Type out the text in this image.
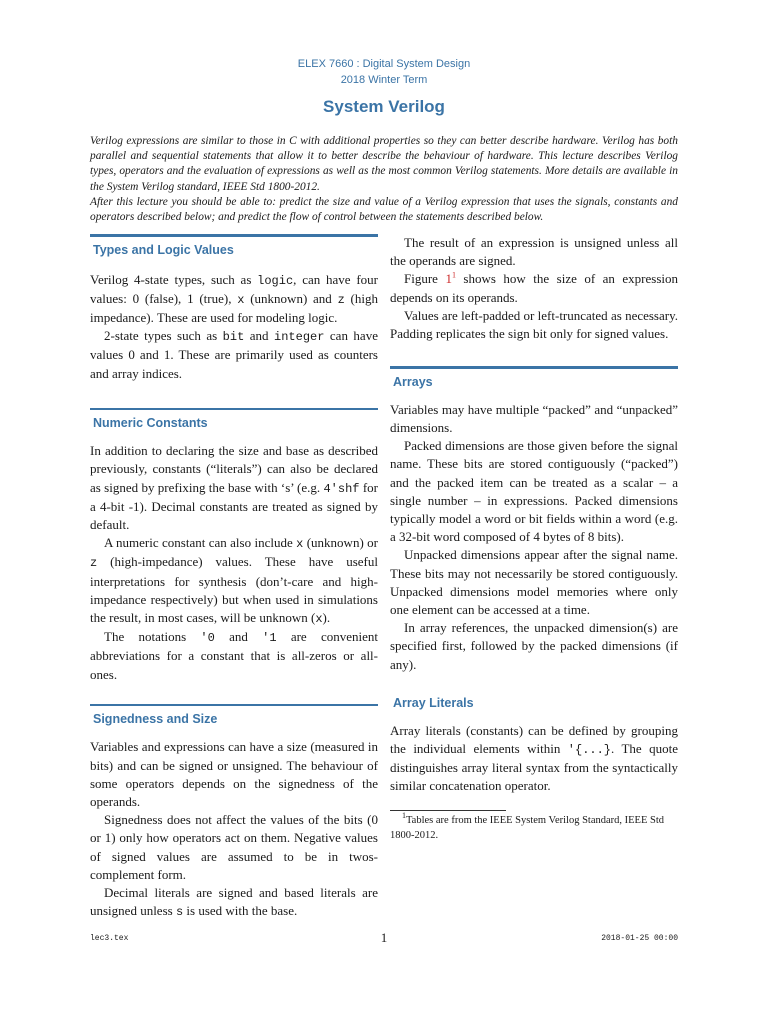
ELEX 7660 : Digital System Design
2018 Winter Term
System Verilog

Verilog expressions are similar to those in C with additional properties so they can better describe hardware. Verilog has both parallel and sequential statements that allow it to better describe the behaviour of hardware. This lecture describes Verilog types, operators and the evaluation of expressions as well as the most common Verilog statements. More details are available in the System Verilog standard, IEEE Std 1800-2012.

After this lecture you should be able to: predict the size and value of a Verilog expression that uses the signals, constants and operators described below; and predict the flow of control between the statements described below.

Types and Logic Values

Verilog 4-state types, such as logic, can have four values: 0 (false), 1 (true), x (unknown) and z (high impedance). These are used for modeling logic.

2-state types such as bit and integer can have values 0 and 1. These are primarily used as counters and array indices.

Numeric Constants

In addition to declaring the size and base as described previously, constants (“literals”) can also be declared as signed by prefixing the base with ‘s’ (e.g. 4'shf for a 4-bit -1). Decimal constants are treated as signed by default.

A numeric constant can also include x (unknown) or z (high-impedance) values. These have useful interpretations for synthesis (don’t-care and high-impedance respectively) but when used in simulations the result, in most cases, will be unknown (x).

The notations '0 and '1 are convenient abbreviations for a constant that is all-zeros or all-ones.

Signedness and Size

Variables and expressions can have a size (measured in bits) and can be signed or unsigned. The behaviour of some operators depends on the signedness of the operands.

Signedness does not affect the values of the bits (0 or 1) only how operators act on them. Negative values of signed values are assumed to be in twos-complement form.

Decimal literals are signed and based literals are unsigned unless s is used with the base.

The result of an expression is unsigned unless all the operands are signed.

Figure 1$^1$ shows how the size of an expression depends on its operands.

Values are left-padded or left-truncated as necessary. Padding replicates the sign bit only for signed values.

Arrays

Variables may have multiple “packed” and “unpacked” dimensions.

Packed dimensions are those given before the signal name. These bits are stored contiguously (“packed”) and the packed item can be treated as a scalar – a single number – in expressions. Packed dimensions typically model a word or bit fields within a word (e.g. a 32-bit word composed of 4 bytes of 8 bits).

Unpacked dimensions appear after the signal name. These bits may not necessarily be stored contiguously. Unpacked dimensions model memories where only one element can be accessed at a time.

In array references, the unpacked dimension(s) are specified first, followed by the packed dimensions (if any).

Array Literals

Array literals (constants) can be defined by grouping the individual elements within '{...}. The quote distinguishes array literal syntax from the syntactically similar concatenation operator.

$^1$Tables are from the IEEE System Verilog Standard, IEEE Std 1800-2012.

lec3.tex	1	2018-01-25 00:00
